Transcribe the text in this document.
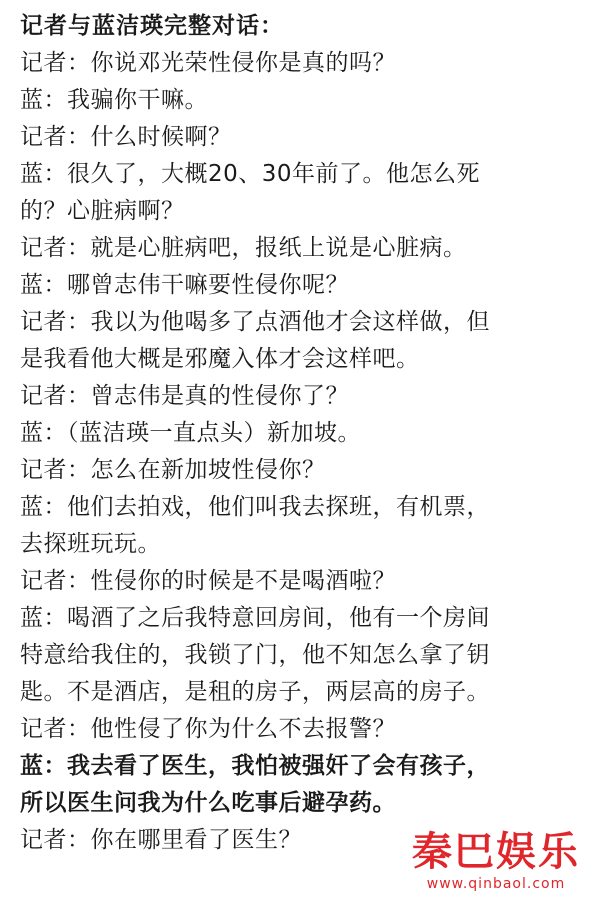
记者与蓝洁瑛完整对话：
记者：你说邓光荣性侵你是真的吗？
蓝：我骗你干嘛。
记者：什么时候啊？
蓝：很久了，大概20、30年前了。他怎么死
的？心脏病啊？
记者：就是心脏病吧，报纸上说是心脏病。
蓝：哪曾志伟干嘛要性侵你呢？
记者：我以为他喝多了点酒他才会这样做，但
是我看他大概是邪魔入体才会这样吧。
记者：曾志伟是真的性侵你了？
蓝：（蓝洁瑛一直点头）新加坡。
记者：怎么在新加坡性侵你？
蓝：他们去拍戏，他们叫我去探班，有机票，
去探班玩玩。
记者：性侵你的时候是不是喝酒啦？
蓝：喝酒了之后我特意回房间，他有一个房间
特意给我住的，我锁了门，他不知怎么拿了钥
匙。不是酒店，是租的房子，两层高的房子。
记者：他性侵了你为什么不去报警？
蓝：我去看了医生，我怕被强奸了会有孩子，
所以医生问我为什么吃事后避孕药。
记者：你在哪里看了医生？	秦巴娱乐
www.qinbaol.com
